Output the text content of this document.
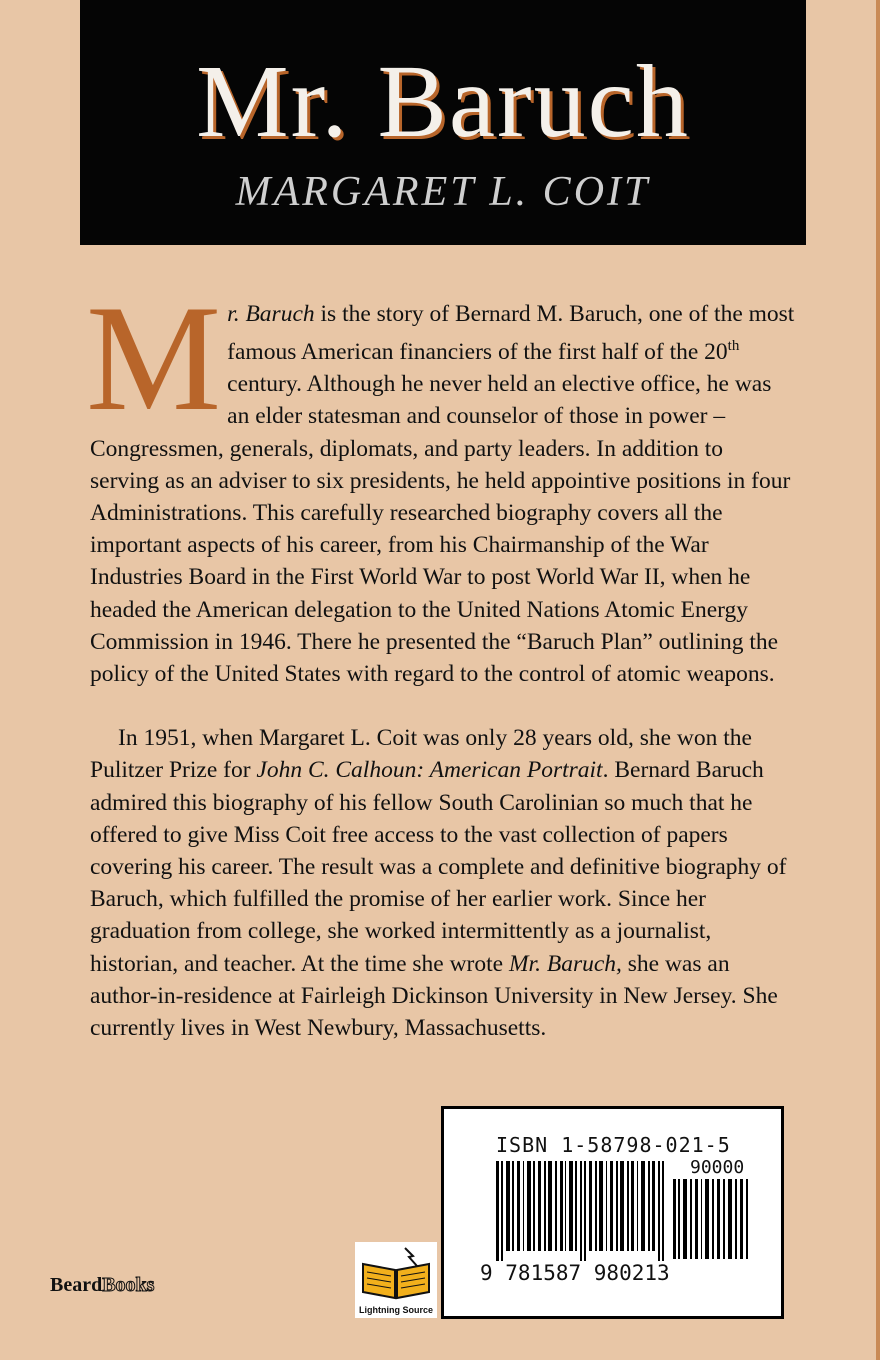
Mr. Baruch
MARGARET L. COIT
Mr. Baruch is the story of Bernard M. Baruch, one of the most famous American financiers of the first half of the 20th century. Although he never held an elective office, he was an elder statesman and counselor of those in power – Congressmen, generals, diplomats, and party leaders. In addition to serving as an adviser to six presidents, he held appointive positions in four Administrations. This carefully researched biography covers all the important aspects of his career, from his Chairmanship of the War Industries Board in the First World War to post World War II, when he headed the American delegation to the United Nations Atomic Energy Commission in 1946. There he presented the “Baruch Plan” outlining the policy of the United States with regard to the control of atomic weapons.
In 1951, when Margaret L. Coit was only 28 years old, she won the Pulitzer Prize for John C. Calhoun: American Portrait. Bernard Baruch admired this biography of his fellow South Carolinian so much that he offered to give Miss Coit free access to the vast collection of papers covering his career. The result was a complete and definitive biography of Baruch, which fulfilled the promise of her earlier work. Since her graduation from college, she worked intermittently as a journalist, historian, and teacher. At the time she wrote Mr. Baruch, she was an author-in-residence at Fairleigh Dickinson University in New Jersey. She currently lives in West Newbury, Massachusetts.
BeardBooks
Lightning Source
ISBN 1-58798-021-5
90000
9 781587 980213
